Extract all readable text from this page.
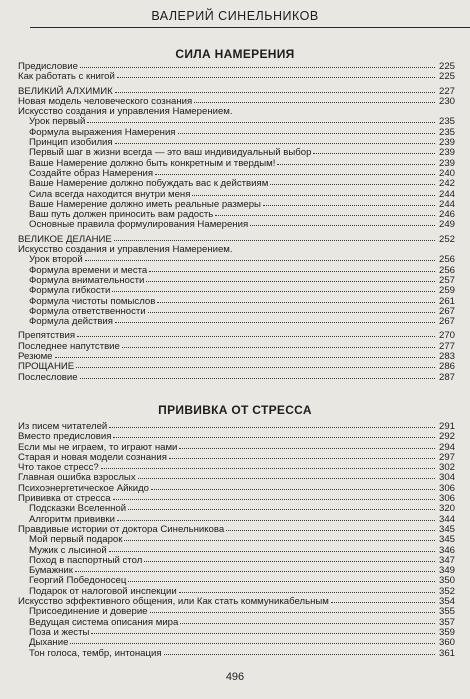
ВАЛЕРИЙ СИНЕЛЬНИКОВ
СИЛА НАМЕРЕНИЯ
Предисловие	225
Как работать с книгой	225
ВЕЛИКИЙ АЛХИМИК	227
Новая модель человеческого сознания	230
Искусство создания и управления Намерением.
Урок первый	235
Формула выражения Намерения	235
Принцип изобилия	239
Первый шаг в жизни всегда — это ваш индивидуальный выбор	239
Ваше Намерение должно быть конкретным и твердым!	239
Создайте образ Намерения	240
Ваше Намерение должно побуждать вас к действиям	242
Сила всегда находится внутри меня	244
Ваше Намерение должно иметь реальные размеры	244
Ваш путь должен приносить вам радость	246
Основные правила формулирования Намерения	249
ВЕЛИКОЕ ДЕЛАНИЕ	252
Искусство создания и управления Намерением.
Урок второй	256
Формула времени и места	256
Формула внимательности	257
Формула гибкости	259
Формула чистоты помыслов	261
Формула ответственности	267
Формула действия	267
Препятствия	270
Последнее напутствие	277
Резюме	283
ПРОЩАНИЕ	286
Послесловие	287
ПРИВИВКА ОТ СТРЕССА
Из писем читателей	291
Вместо предисловия	292
Если мы не играем, то играют нами	294
Старая и новая модели сознания	297
Что такое стресс?	302
Главная ошибка взрослых	304
Психоэнергетическое Айкидо	306
Прививка от стресса	306
Подсказки Вселенной	320
Алгоритм прививки	344
Правдивые истории от доктора Синельникова	345
Мой первый подарок	345
Мужик с лысиной	346
Поход в паспортный стол	347
Бумажник	349
Георгий Победоносец	350
Подарок от налоговой инспекции	352
Искусство эффективного общения, или Как стать коммуникабельным	354
Присоединение и доверие	355
Ведущая система описания мира	357
Поза и жесты	359
Дыхание	360
Тон голоса, тембр, интонация	361
496
